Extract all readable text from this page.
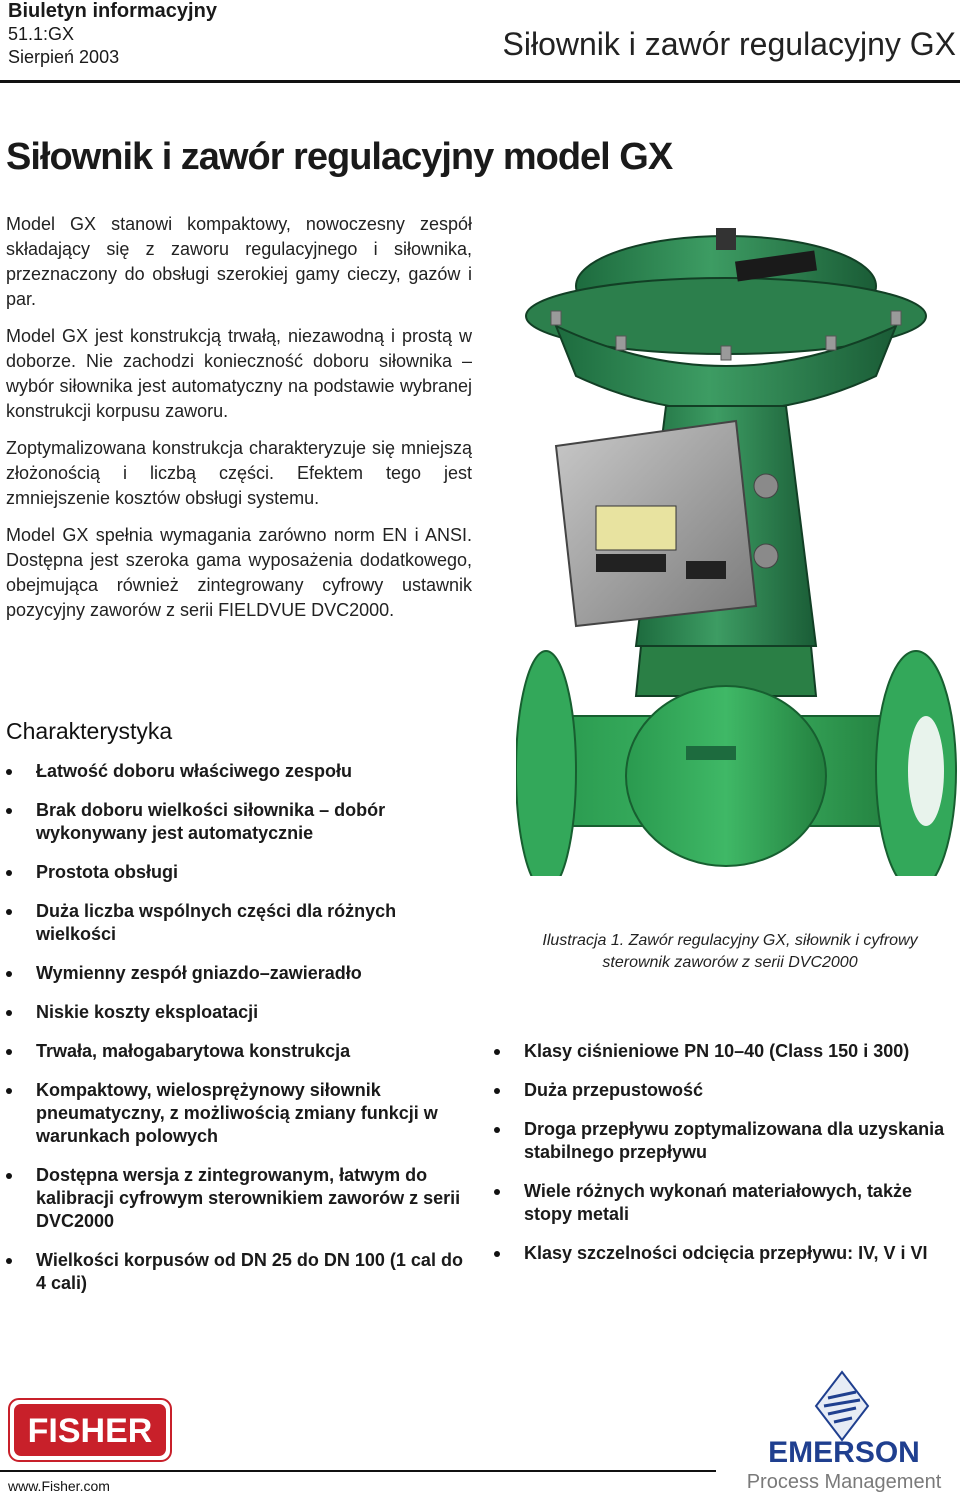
Biuletyn informacyjny
51.1:GX
Sierpień 2003	Siłownik i zawór regulacyjny GX
Siłownik i zawór regulacyjny model GX

Model GX stanowi kompaktowy, nowoczesny zespół składający się z zaworu regulacyjnego i siłownika, przeznaczony do obsługi szerokiej gamy cieczy, gazów i par.

Model GX jest konstrukcją trwałą, niezawodną i prostą w doborze. Nie zachodzi konieczność doboru siłownika – wybór siłownika jest automatyczny na podstawie wybranej konstrukcji korpusu zaworu.

Zoptymalizowana konstrukcja charakteryzuje się mniejszą złożonością i liczbą części. Efektem tego jest zmniejszenie kosztów obsługi systemu.

Model GX spełnia wymagania zarówno norm EN i ANSI. Dostępna jest szeroka gama wyposażenia dodatkowego, obejmująca również zintegrowany cyfrowy ustawnik pozycyjny zaworów z serii FIELDVUE DVC2000.

Ilustracja 1. Zawór regulacyjny GX, siłownik i cyfrowy sterownik zaworów z serii DVC2000
Charakterystyka
Łatwość doboru właściwego zespołu
Brak doboru wielkości siłownika – dobór wykonywany jest automatycznie
Prostota obsługi
Duża liczba wspólnych części dla różnych wielkości
Wymienny zespół gniazdo–zawieradło
Niskie koszty eksploatacji
Trwała, małogabarytowa konstrukcja
Kompaktowy, wielosprężynowy siłownik pneumatyczny, z możliwością zmiany funkcji w warunkach polowych
Dostępna wersja z zintegrowanym, łatwym do kalibracji cyfrowym sterownikiem zaworów z serii DVC2000
Wielkości korpusów od DN 25 do DN 100 (1 cal do 4 cali)
Klasy ciśnieniowe PN 10–40 (Class 150 i 300)
Duża przepustowość
Droga przepływu zoptymalizowana dla uzyskania stabilnego przepływu
Wiele różnych wykonań materiałowych, także stopy metali
Klasy szczelności odcięcia przepływu: IV, V i VI
FISHER
www.Fisher.com
EMERSON
Process Management
